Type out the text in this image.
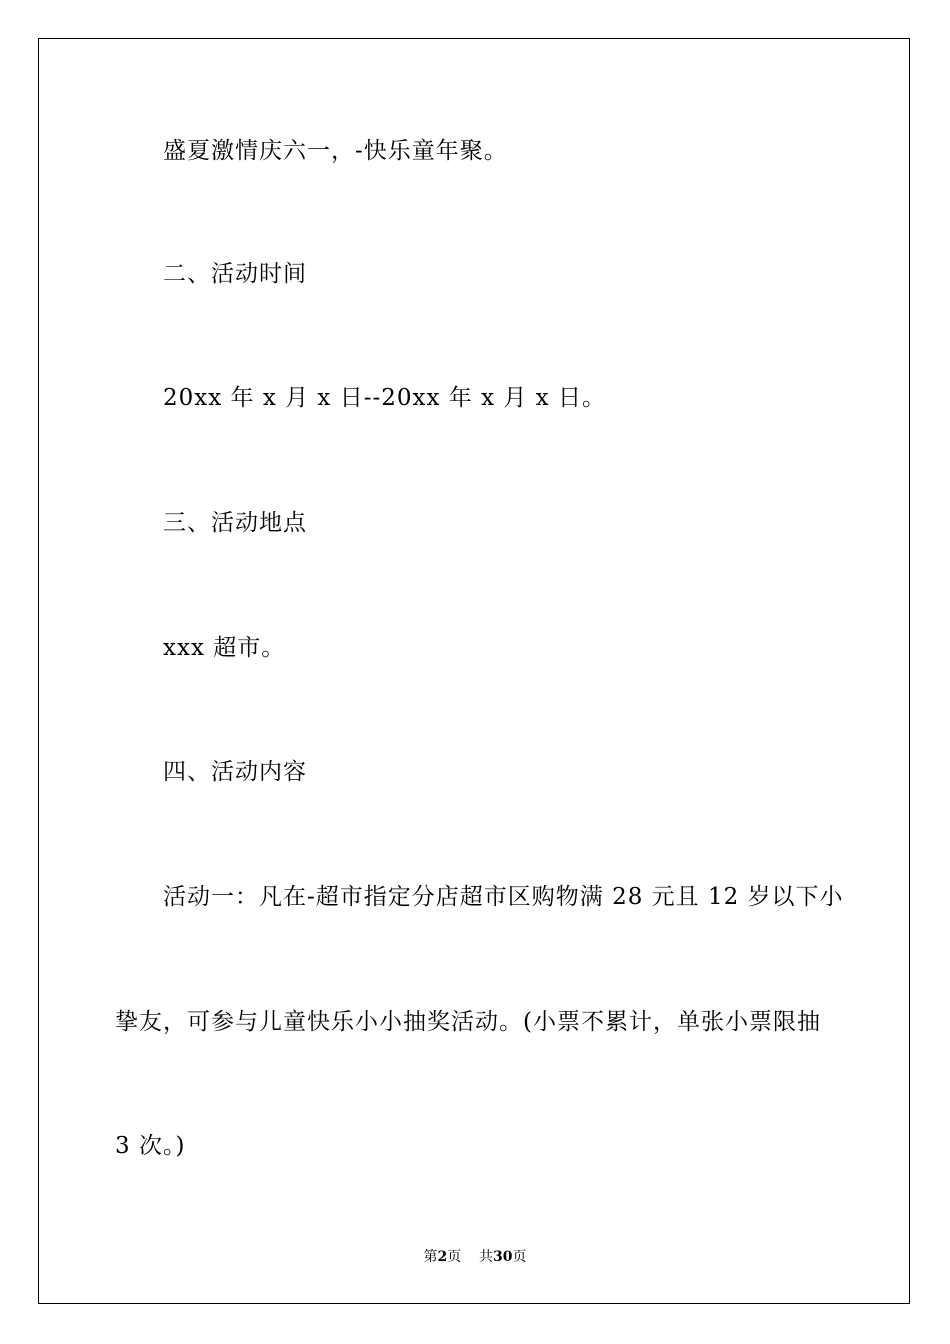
盛夏激情庆六一，-快乐童年聚。
二、活动时间
20xx 年 x 月 x 日--20xx 年 x 月 x 日。
三、活动地点
xxx 超市。
四、活动内容
活动一：凡在-超市指定分店超市区购物满 28 元且 12 岁以下小
挚友，可参与儿童快乐小小抽奖活动。(小票不累计，单张小票限抽
3 次。)
第2页 共30页
